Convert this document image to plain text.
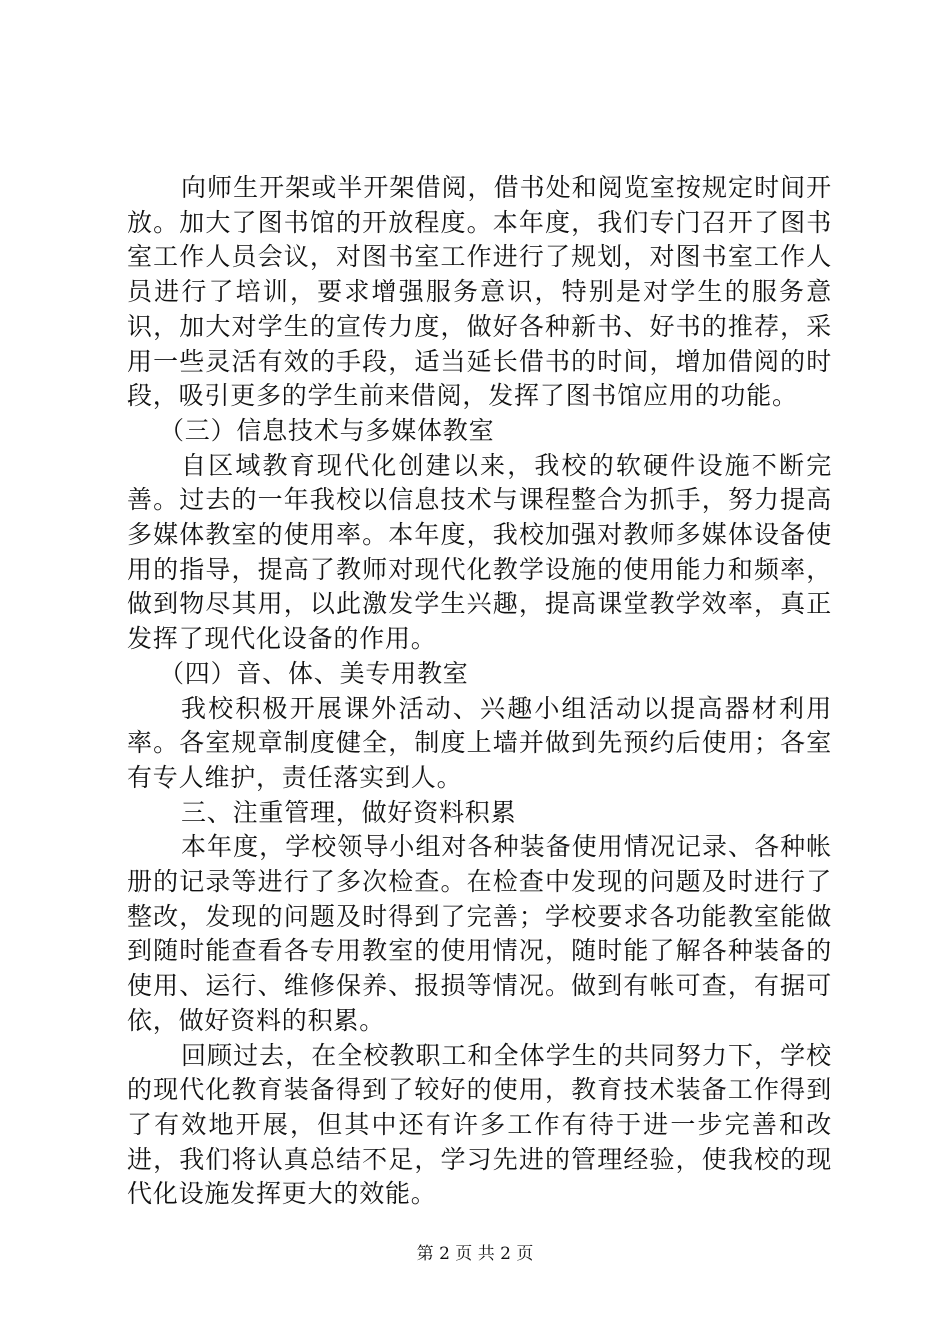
向师生开架或半开架借阅，借书处和阅览室按规定时间开放。加大了图书馆的开放程度。本年度，我们专门召开了图书室工作人员会议，对图书室工作进行了规划，对图书室工作人员进行了培训，要求增强服务意识，特别是对学生的服务意识，加大对学生的宣传力度，做好各种新书、好书的推荐，采用一些灵活有效的手段，适当延长借书的时间，增加借阅的时段，吸引更多的学生前来借阅，发挥了图书馆应用的功能。

（三）信息技术与多媒体教室

自区域教育现代化创建以来，我校的软硬件设施不断完善。过去的一年我校以信息技术与课程整合为抓手，努力提高多媒体教室的使用率。本年度，我校加强对教师多媒体设备使用的指导，提高了教师对现代化教学设施的使用能力和频率，做到物尽其用，以此激发学生兴趣，提高课堂教学效率，真正发挥了现代化设备的作用。

（四）音、体、美专用教室

我校积极开展课外活动、兴趣小组活动以提高器材利用率。各室规章制度健全，制度上墙并做到先预约后使用；各室有专人维护，责任落实到人。

三、注重管理，做好资料积累

本年度，学校领导小组对各种装备使用情况记录、各种帐册的记录等进行了多次检查。在检查中发现的问题及时进行了整改，发现的问题及时得到了完善；学校要求各功能教室能做到随时能查看各专用教室的使用情况，随时能了解各种装备的使用、运行、维修保养、报损等情况。做到有帐可查，有据可依，做好资料的积累。

回顾过去，在全校教职工和全体学生的共同努力下，学校的现代化教育装备得到了较好的使用，教育技术装备工作得到了有效地开展，但其中还有许多工作有待于进一步完善和改进，我们将认真总结不足，学习先进的管理经验，使我校的现代化设施发挥更大的效能。

第 2 页 共 2 页
